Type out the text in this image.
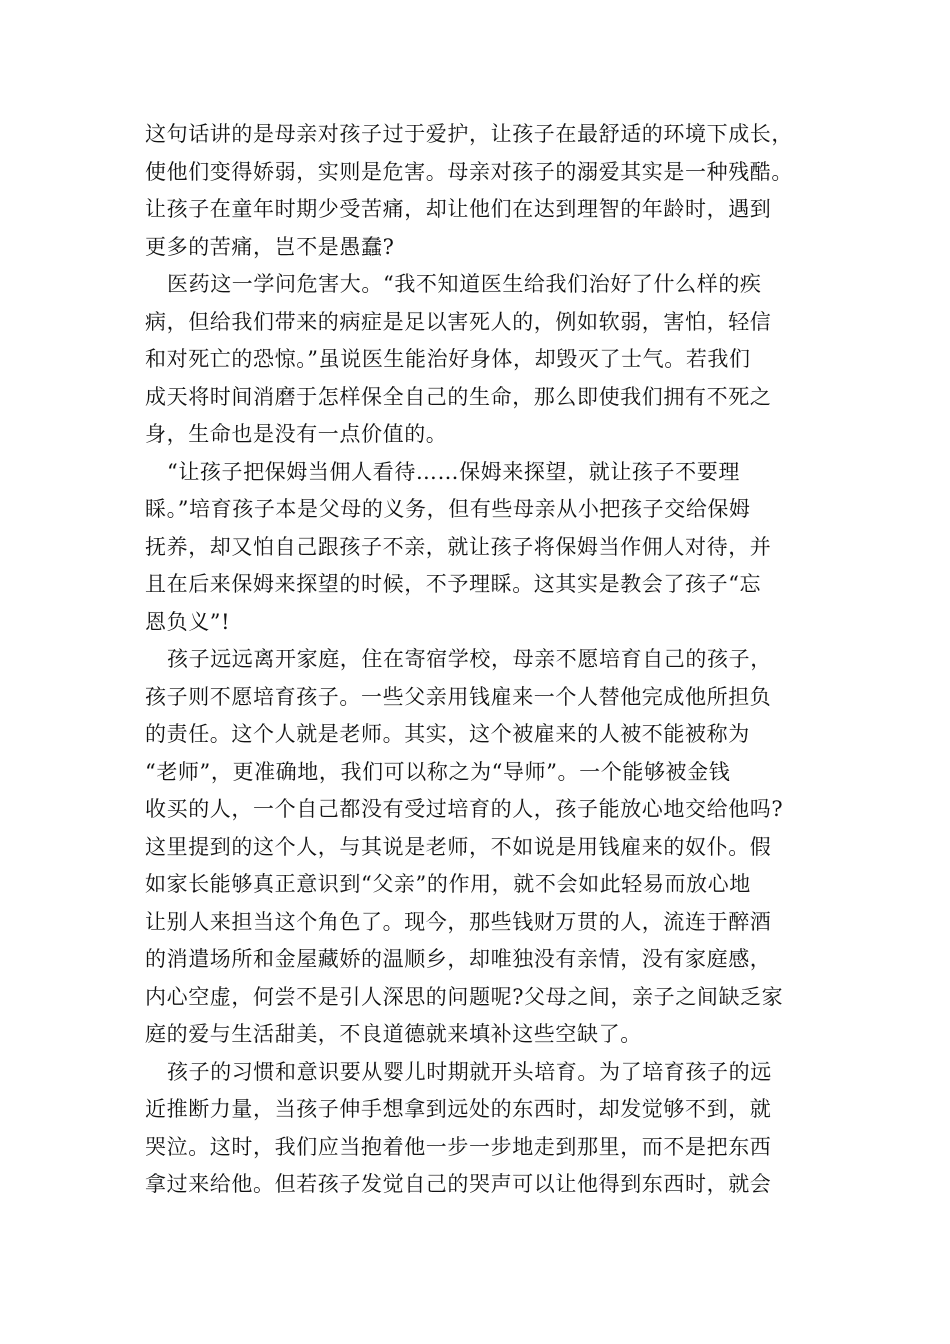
这句话讲的是母亲对孩子过于爱护，让孩子在最舒适的环境下成长，
使他们变得娇弱，实则是危害。母亲对孩子的溺爱其实是一种残酷。
让孩子在童年时期少受苦痛，却让他们在达到理智的年龄时，遇到
更多的苦痛，岂不是愚蠢?
医药这一学问危害大。“我不知道医生给我们治好了什么样的疾
病，但给我们带来的病症是足以害死人的，例如软弱，害怕，轻信
和对死亡的恐惊。”虽说医生能治好身体，却毁灭了士气。若我们
成天将时间消磨于怎样保全自己的生命，那么即使我们拥有不死之
身，生命也是没有一点价值的。
“让孩子把保姆当佣人看待……保姆来探望，就让孩子不要理
睬。”培育孩子本是父母的义务，但有些母亲从小把孩子交给保姆
抚养，却又怕自己跟孩子不亲，就让孩子将保姆当作佣人对待，并
且在后来保姆来探望的时候，不予理睬。这其实是教会了孩子“忘
恩负义”!
孩子远远离开家庭，住在寄宿学校，母亲不愿培育自己的孩子，
孩子则不愿培育孩子。一些父亲用钱雇来一个人替他完成他所担负
的责任。这个人就是老师。其实，这个被雇来的人被不能被称为
“老师”，更准确地，我们可以称之为“导师”。一个能够被金钱
收买的人，一个自己都没有受过培育的人，孩子能放心地交给他吗?
这里提到的这个人，与其说是老师，不如说是用钱雇来的奴仆。假
如家长能够真正意识到“父亲”的作用，就不会如此轻易而放心地
让别人来担当这个角色了。现今，那些钱财万贯的人，流连于醉酒
的消遣场所和金屋藏娇的温顺乡，却唯独没有亲情，没有家庭感，
内心空虚，何尝不是引人深思的问题呢?父母之间，亲子之间缺乏家
庭的爱与生活甜美，不良道德就来填补这些空缺了。
孩子的习惯和意识要从婴儿时期就开头培育。为了培育孩子的远
近推断力量，当孩子伸手想拿到远处的东西时，却发觉够不到，就
哭泣。这时，我们应当抱着他一步一步地走到那里，而不是把东西
拿过来给他。但若孩子发觉自己的哭声可以让他得到东西时，就会
